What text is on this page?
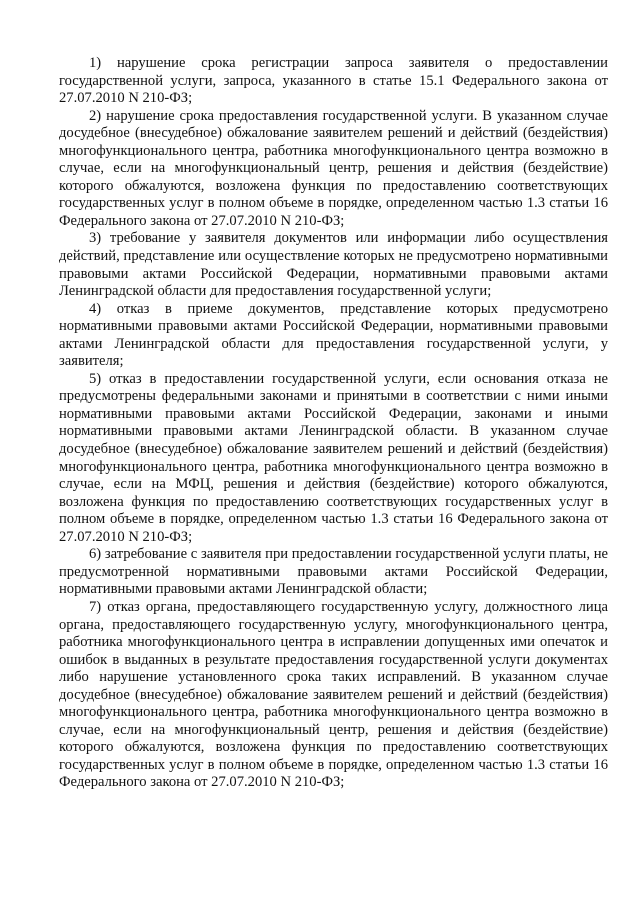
1) нарушение срока регистрации запроса заявителя о предоставлении государственной услуги, запроса, указанного в статье 15.1 Федерального закона от 27.07.2010 N 210-ФЗ;

2) нарушение срока предоставления государственной услуги. В указанном случае досудебное (внесудебное) обжалование заявителем решений и действий (бездействия) многофункционального центра, работника многофункционального центра возможно в случае, если на многофункциональный центр, решения и действия (бездействие) которого обжалуются, возложена функция по предоставлению соответствующих государственных услуг в полном объеме в порядке, определенном частью 1.3 статьи 16 Федерального закона от 27.07.2010 N 210-ФЗ;

3) требование у заявителя документов или информации либо осуществления действий, представление или осуществление которых не предусмотрено нормативными правовыми актами Российской Федерации, нормативными правовыми актами Ленинградской области для предоставления государственной услуги;

4) отказ в приеме документов, представление которых предусмотрено нормативными правовыми актами Российской Федерации, нормативными правовыми актами Ленинградской области для предоставления государственной услуги, у заявителя;

5) отказ в предоставлении государственной услуги, если основания отказа не предусмотрены федеральными законами и принятыми в соответствии с ними иными нормативными правовыми актами Российской Федерации, законами и иными нормативными правовыми актами Ленинградской области. В указанном случае досудебное (внесудебное) обжалование заявителем решений и действий (бездействия) многофункционального центра, работника многофункционального центра возможно в случае, если на МФЦ, решения и действия (бездействие) которого обжалуются, возложена функция по предоставлению соответствующих государственных услуг в полном объеме в порядке, определенном частью 1.3 статьи 16 Федерального закона от 27.07.2010 N 210-ФЗ;

6) затребование с заявителя при предоставлении государственной услуги платы, не предусмотренной нормативными правовыми актами Российской Федерации, нормативными правовыми актами Ленинградской области;

7) отказ органа, предоставляющего государственную услугу, должностного лица органа, предоставляющего государственную услугу, многофункционального центра, работника многофункционального центра в исправлении допущенных ими опечаток и ошибок в выданных в результате предоставления государственной услуги документах либо нарушение установленного срока таких исправлений. В указанном случае досудебное (внесудебное) обжалование заявителем решений и действий (бездействия) многофункционального центра, работника многофункционального центра возможно в случае, если на многофункциональный центр, решения и действия (бездействие) которого обжалуются, возложена функция по предоставлению соответствующих государственных услуг в полном объеме в порядке, определенном частью 1.3 статьи 16 Федерального закона от 27.07.2010 N 210-ФЗ;
